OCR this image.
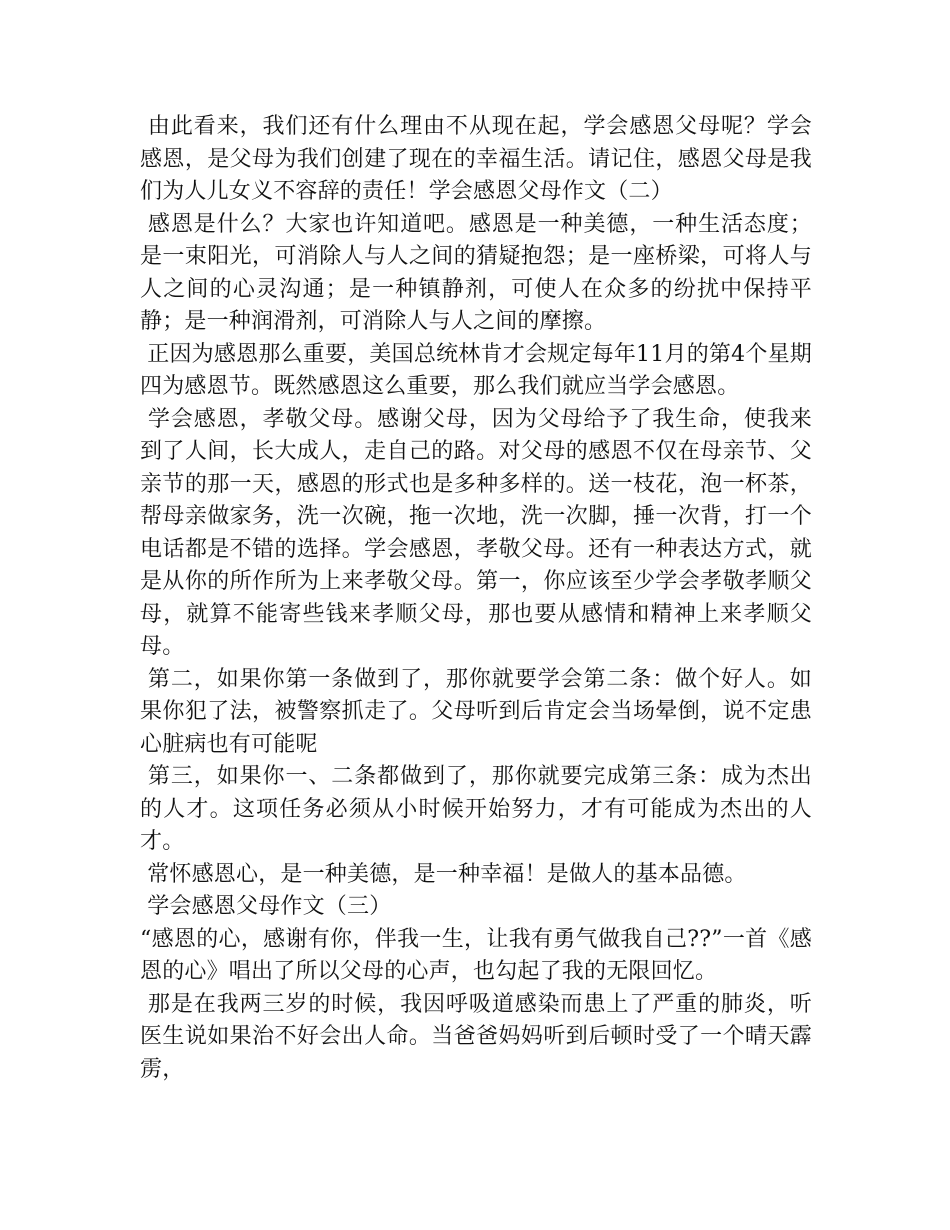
由此看来，我们还有什么理由不从现在起，学会感恩父母呢？学会感恩，是父母为我们创建了现在的幸福生活。请记住，感恩父母是我们为人儿女义不容辞的责任！学会感恩父母作文（二）

感恩是什么？大家也许知道吧。感恩是一种美德，一种生活态度；是一束阳光，可消除人与人之间的猜疑抱怨；是一座桥梁，可将人与人之间的心灵沟通；是一种镇静剂，可使人在众多的纷扰中保持平静；是一种润滑剂，可消除人与人之间的摩擦。

正因为感恩那么重要，美国总统林肯才会规定每年11月的第4个星期四为感恩节。既然感恩这么重要，那么我们就应当学会感恩。

学会感恩，孝敬父母。感谢父母，因为父母给予了我生命，使我来到了人间，长大成人，走自己的路。对父母的感恩不仅在母亲节、父亲节的那一天，感恩的形式也是多种多样的。送一枝花，泡一杯茶，帮母亲做家务，洗一次碗，拖一次地，洗一次脚，捶一次背，打一个电话都是不错的选择。学会感恩，孝敬父母。还有一种表达方式，就是从你的所作所为上来孝敬父母。第一，你应该至少学会孝敬孝顺父母，就算不能寄些钱来孝顺父母，那也要从感情和精神上来孝顺父母。

第二，如果你第一条做到了，那你就要学会第二条：做个好人。如果你犯了法，被警察抓走了。父母听到后肯定会当场晕倒，说不定患心脏病也有可能呢

第三，如果你一、二条都做到了，那你就要完成第三条：成为杰出的人才。这项任务必须从小时候开始努力，才有可能成为杰出的人才。

常怀感恩心，是一种美德，是一种幸福！是做人的基本品德。

学会感恩父母作文（三）

“感恩的心，感谢有你，伴我一生，让我有勇气做我自己??”一首《感恩的心》唱出了所以父母的心声，也勾起了我的无限回忆。

那是在我两三岁的时候，我因呼吸道感染而患上了严重的肺炎，听医生说如果治不好会出人命。当爸爸妈妈听到后顿时受了一个晴天霹雳，
